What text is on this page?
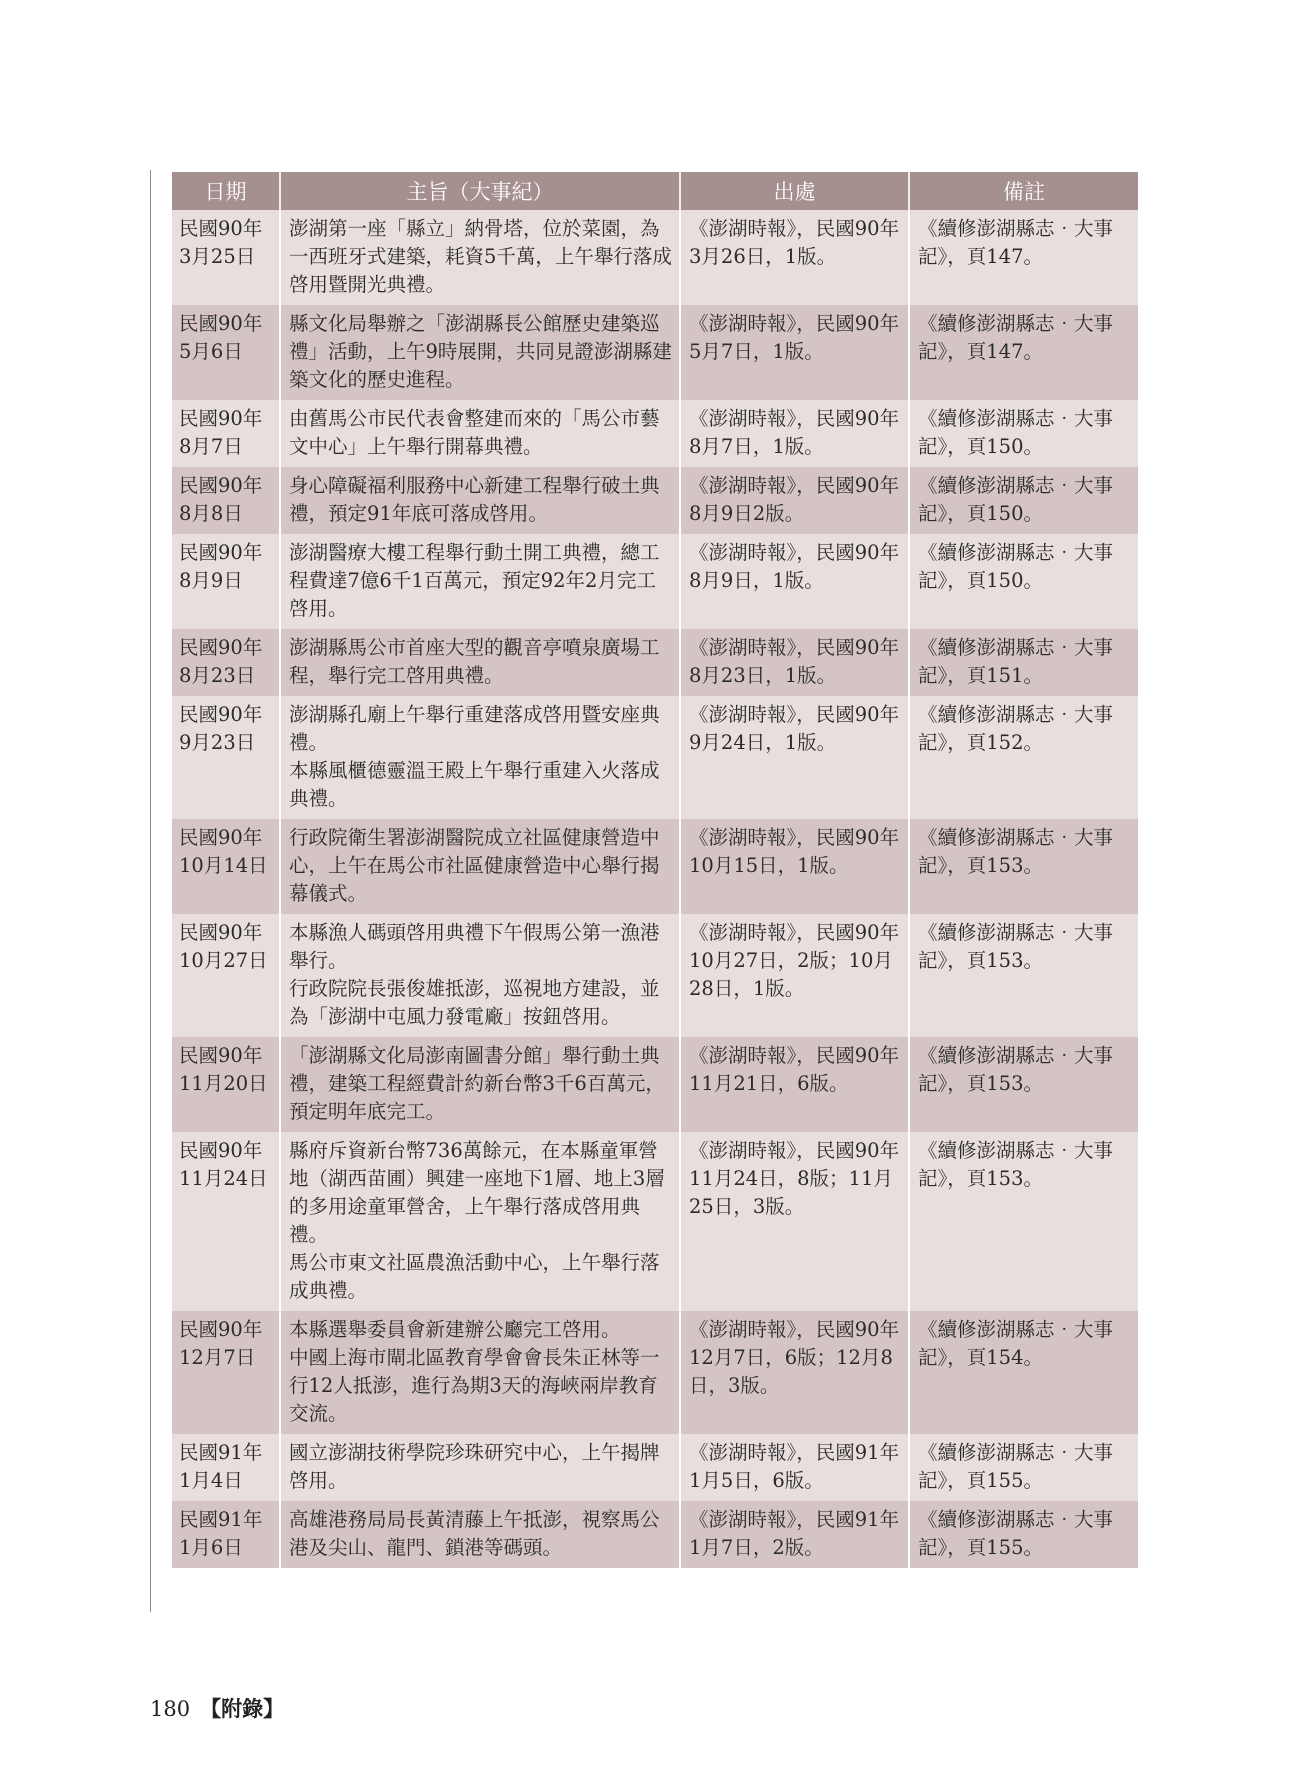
日期	主旨（大事紀）	出處	備註

民國90年
3月25日	澎湖第一座「縣立」納骨塔，位於菜園，為一西班牙式建築，耗資5千萬，上午舉行落成啓用暨開光典禮。	《澎湖時報》，民國90年3月26日，1版。	《續修澎湖縣志‧大事記》，頁147。

民國90年
5月6日	縣文化局舉辦之「澎湖縣長公館歷史建築巡禮」活動，上午9時展開，共同見證澎湖縣建築文化的歷史進程。	《澎湖時報》，民國90年5月7日，1版。	《續修澎湖縣志‧大事記》，頁147。

民國90年
8月7日	由舊馬公市民代表會整建而來的「馬公市藝文中心」上午舉行開幕典禮。	《澎湖時報》，民國90年8月7日，1版。	《續修澎湖縣志‧大事記》，頁150。

民國90年
8月8日	身心障礙福利服務中心新建工程舉行破土典禮，預定91年底可落成啓用。	《澎湖時報》，民國90年8月9日2版。	《續修澎湖縣志‧大事記》，頁150。

民國90年
8月9日	澎湖醫療大樓工程舉行動土開工典禮，總工程費達7億6千1百萬元，預定92年2月完工啓用。	《澎湖時報》，民國90年8月9日，1版。	《續修澎湖縣志‧大事記》，頁150。

民國90年
8月23日	澎湖縣馬公市首座大型的觀音亭噴泉廣場工程，舉行完工啓用典禮。	《澎湖時報》，民國90年8月23日，1版。	《續修澎湖縣志‧大事記》，頁151。

民國90年
9月23日	澎湖縣孔廟上午舉行重建落成啓用暨安座典禮。
本縣風櫃德靈溫王殿上午舉行重建入火落成典禮。	《澎湖時報》，民國90年9月24日，1版。	《續修澎湖縣志‧大事記》，頁152。

民國90年
10月14日	行政院衛生署澎湖醫院成立社區健康營造中心，上午在馬公市社區健康營造中心舉行揭幕儀式。	《澎湖時報》，民國90年10月15日，1版。	《續修澎湖縣志‧大事記》，頁153。

民國90年
10月27日	本縣漁人碼頭啓用典禮下午假馬公第一漁港舉行。
行政院院長張俊雄抵澎，巡視地方建設，並為「澎湖中屯風力發電廠」按鈕啓用。	《澎湖時報》，民國90年10月27日，2版；10月28日，1版。	《續修澎湖縣志‧大事記》，頁153。

民國90年
11月20日	「澎湖縣文化局澎南圖書分館」舉行動土典禮，建築工程經費計約新台幣3千6百萬元，預定明年底完工。	《澎湖時報》，民國90年11月21日，6版。	《續修澎湖縣志‧大事記》，頁153。

民國90年
11月24日	縣府斥資新台幣736萬餘元，在本縣童軍營地（湖西苗圃）興建一座地下1層、地上3層的多用途童軍營舍，上午舉行落成啓用典禮。
馬公市東文社區農漁活動中心，上午舉行落成典禮。	《澎湖時報》，民國90年11月24日，8版；11月25日，3版。	《續修澎湖縣志‧大事記》，頁153。

民國90年
12月7日	本縣選舉委員會新建辦公廳完工啓用。
中國上海市閘北區教育學會會長朱正林等一行12人抵澎，進行為期3天的海峽兩岸教育交流。	《澎湖時報》，民國90年12月7日，6版；12月8日，3版。	《續修澎湖縣志‧大事記》，頁154。

民國91年
1月4日	國立澎湖技術學院珍珠研究中心，上午揭牌啓用。	《澎湖時報》，民國91年1月5日，6版。	《續修澎湖縣志‧大事記》，頁155。

民國91年
1月6日	高雄港務局局長黃清藤上午抵澎，視察馬公港及尖山、龍門、鎖港等碼頭。	《澎湖時報》，民國91年1月7日，2版。	《續修澎湖縣志‧大事記》，頁155。
180 【附錄】
